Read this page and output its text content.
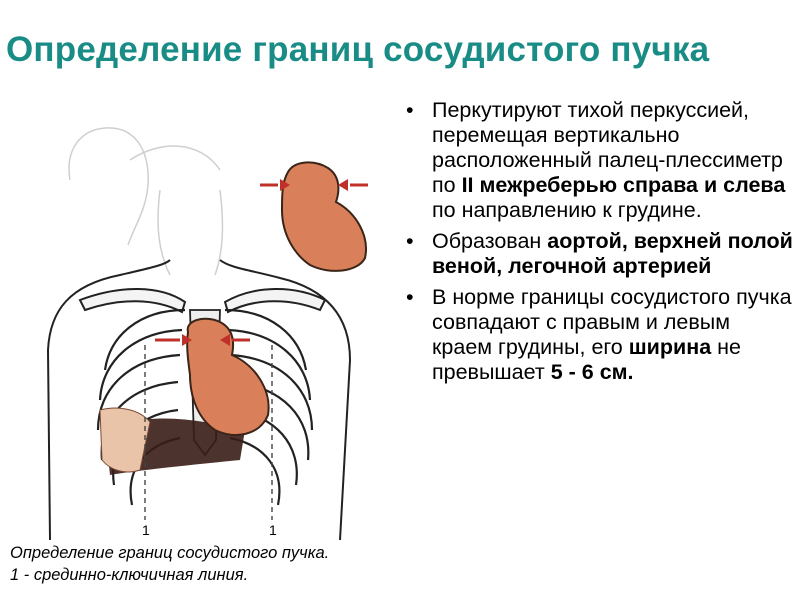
Определение границ сосудистого пучка
1	1
Определение границ сосудистого пучка.
1 - срединно-ключичная линия.
• Перкутируют тихой перкуссией, перемещая вертикально расположенный палец-плессиметр по II межреберью справа и слева по направлению к грудине.
• Образован аортой, верхней полой веной, легочной артерией
• В норме границы сосудистого пучка совпадают с правым и левым краем грудины, его ширина не превышает 5 - 6 см.
